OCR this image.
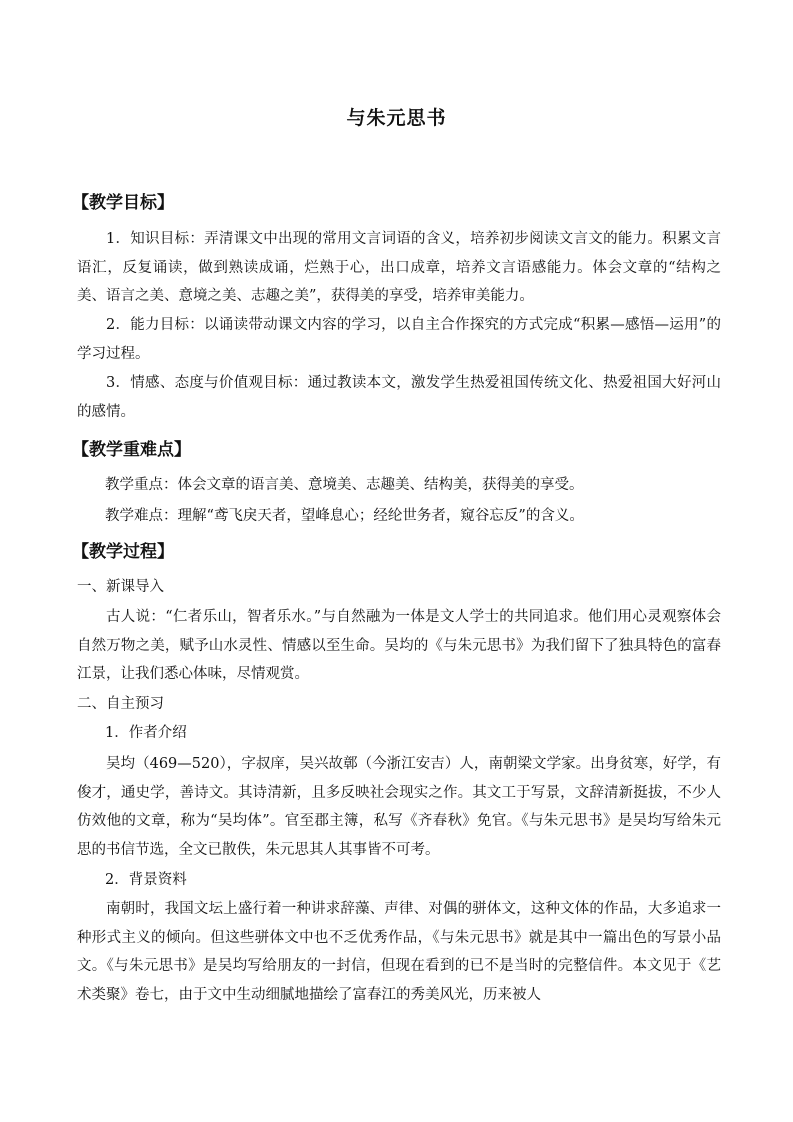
与朱元思书
【教学目标】
1．知识目标：弄清课文中出现的常用文言词语的含义，培养初步阅读文言文的能力。积累文言语汇，反复诵读，做到熟读成诵，烂熟于心，出口成章，培养文言语感能力。体会文章的“结构之美、语言之美、意境之美、志趣之美”，获得美的享受，培养审美能力。
2．能力目标：以诵读带动课文内容的学习，以自主合作探究的方式完成“积累—感悟—运用”的学习过程。
3．情感、态度与价值观目标：通过教读本文，激发学生热爱祖国传统文化、热爱祖国大好河山的感情。
【教学重难点】
教学重点：体会文章的语言美、意境美、志趣美、结构美，获得美的享受。
教学难点：理解“鸢飞戾天者，望峰息心；经纶世务者，窥谷忘反”的含义。
【教学过程】
一、新课导入
古人说：“仁者乐山，智者乐水。”与自然融为一体是文人学士的共同追求。他们用心灵观察体会自然万物之美，赋予山水灵性、情感以至生命。吴均的《与朱元思书》为我们留下了独具特色的富春江景，让我们悉心体味，尽情观赏。
二、自主预习
1．作者介绍
吴均（469—520），字叔庠，吴兴故鄣（今浙江安吉）人，南朝梁文学家。出身贫寒，好学，有俊才，通史学，善诗文。其诗清新，且多反映社会现实之作。其文工于写景，文辞清新挺拔，不少人仿效他的文章，称为“吴均体”。官至郡主簿，私写《齐春秋》免官。《与朱元思书》是吴均写给朱元思的书信节选，全文已散佚，朱元思其人其事皆不可考。
2．背景资料
南朝时，我国文坛上盛行着一种讲求辞藻、声律、对偶的骈体文，这种文体的作品，大多追求一种形式主义的倾向。但这些骈体文中也不乏优秀作品，《与朱元思书》就是其中一篇出色的写景小品文。《与朱元思书》是吴均写给朋友的一封信，但现在看到的已不是当时的完整信件。本文见于《艺术类聚》卷七，由于文中生动细腻地描绘了富春江的秀美风光，历来被人
